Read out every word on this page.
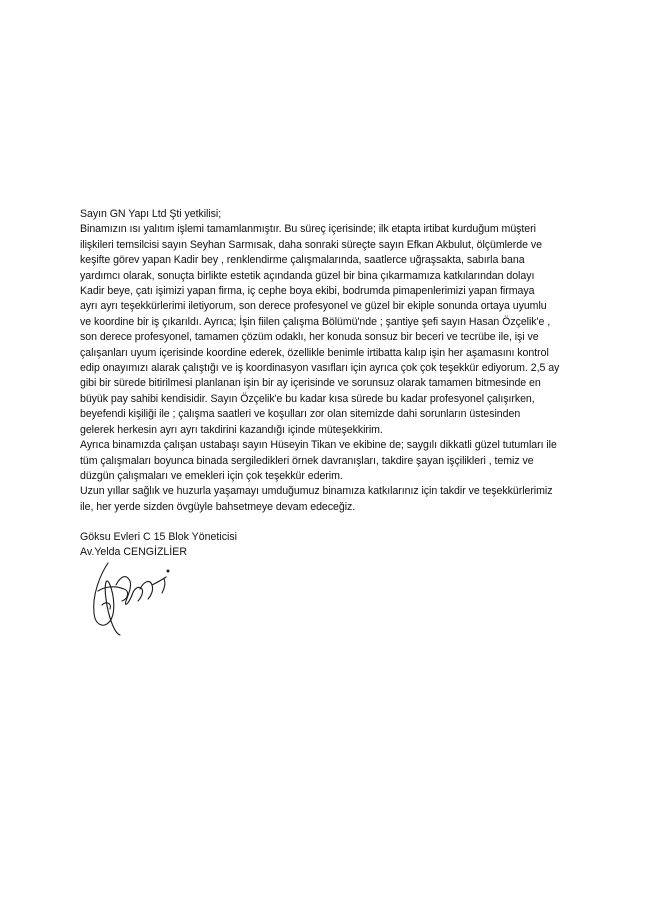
Sayın GN Yapı Ltd Şti yetkilisi;
Binamızın ısı yalıtım işlemi tamamlanmıştır. Bu süreç içerisinde; ilk etapta irtibat kurduğum müşteri
ilişkileri temsilcisi sayın Seyhan Sarmısak, daha sonraki süreçte sayın Efkan Akbulut, ölçümlerde ve
keşifte görev yapan Kadir bey , renklendirme çalışmalarında, saatlerce uğraşsakta, sabırla bana
yardımcı olarak, sonuçta birlikte estetik açındanda güzel bir bina çıkarmamıza katkılarından dolayı
Kadir beye, çatı işimizi yapan firma, iç cephe boya ekibi, bodrumda pimapenlerimizi yapan firmaya
ayrı ayrı teşekkürlerimi iletiyorum, son derece profesyonel ve güzel bir ekiple sonunda ortaya uyumlu
ve koordine bir iş çıkarıldı. Ayrıca; İşin fiilen çalışma Bölümü'nde ; şantiye şefi sayın Hasan Özçelik'e ,
son derece profesyonel, tamamen çözüm odaklı, her konuda sonsuz bir beceri ve tecrübe ile, işi ve
çalışanları uyum içerisinde koordine ederek, özellikle benimle irtibatta kalıp işin her aşamasını kontrol
edip onayımızı alarak çalıştığı ve iş koordinasyon vasıfları için ayrıca çok çok teşekkür ediyorum. 2,5 ay
gibi bir sürede bitirilmesi planlanan işin bir ay içerisinde ve sorunsuz olarak tamamen bitmesinde en
büyük pay sahibi kendisidir. Sayın Özçelik'e bu kadar kısa sürede bu kadar profesyonel çalışırken,
beyefendi kişiliği ile ; çalışma saatleri ve koşulları zor olan sitemizde dahi sorunların üstesinden
gelerek herkesin ayrı ayrı takdirini kazandığı içinde müteşekkirim.
Ayrıca binamızda çalışan ustabaşı sayın Hüseyin Tikan ve ekibine de; saygılı dikkatli güzel tutumları ile
tüm çalışmaları boyunca binada sergiledikleri örnek davranışları, takdire şayan işçilikleri , temiz ve
düzgün çalışmaları ve emekleri için çok teşekkür ederim.
Uzun yıllar sağlık ve huzurla yaşamayı umduğumuz binamıza katkılarınız için takdir ve teşekkürlerimiz
ile, her yerde sizden övgüyle bahsetmeye devam edeceğiz.
Göksu Evleri C 15 Blok Yöneticisi
Av.Yelda CENGİZLİER
